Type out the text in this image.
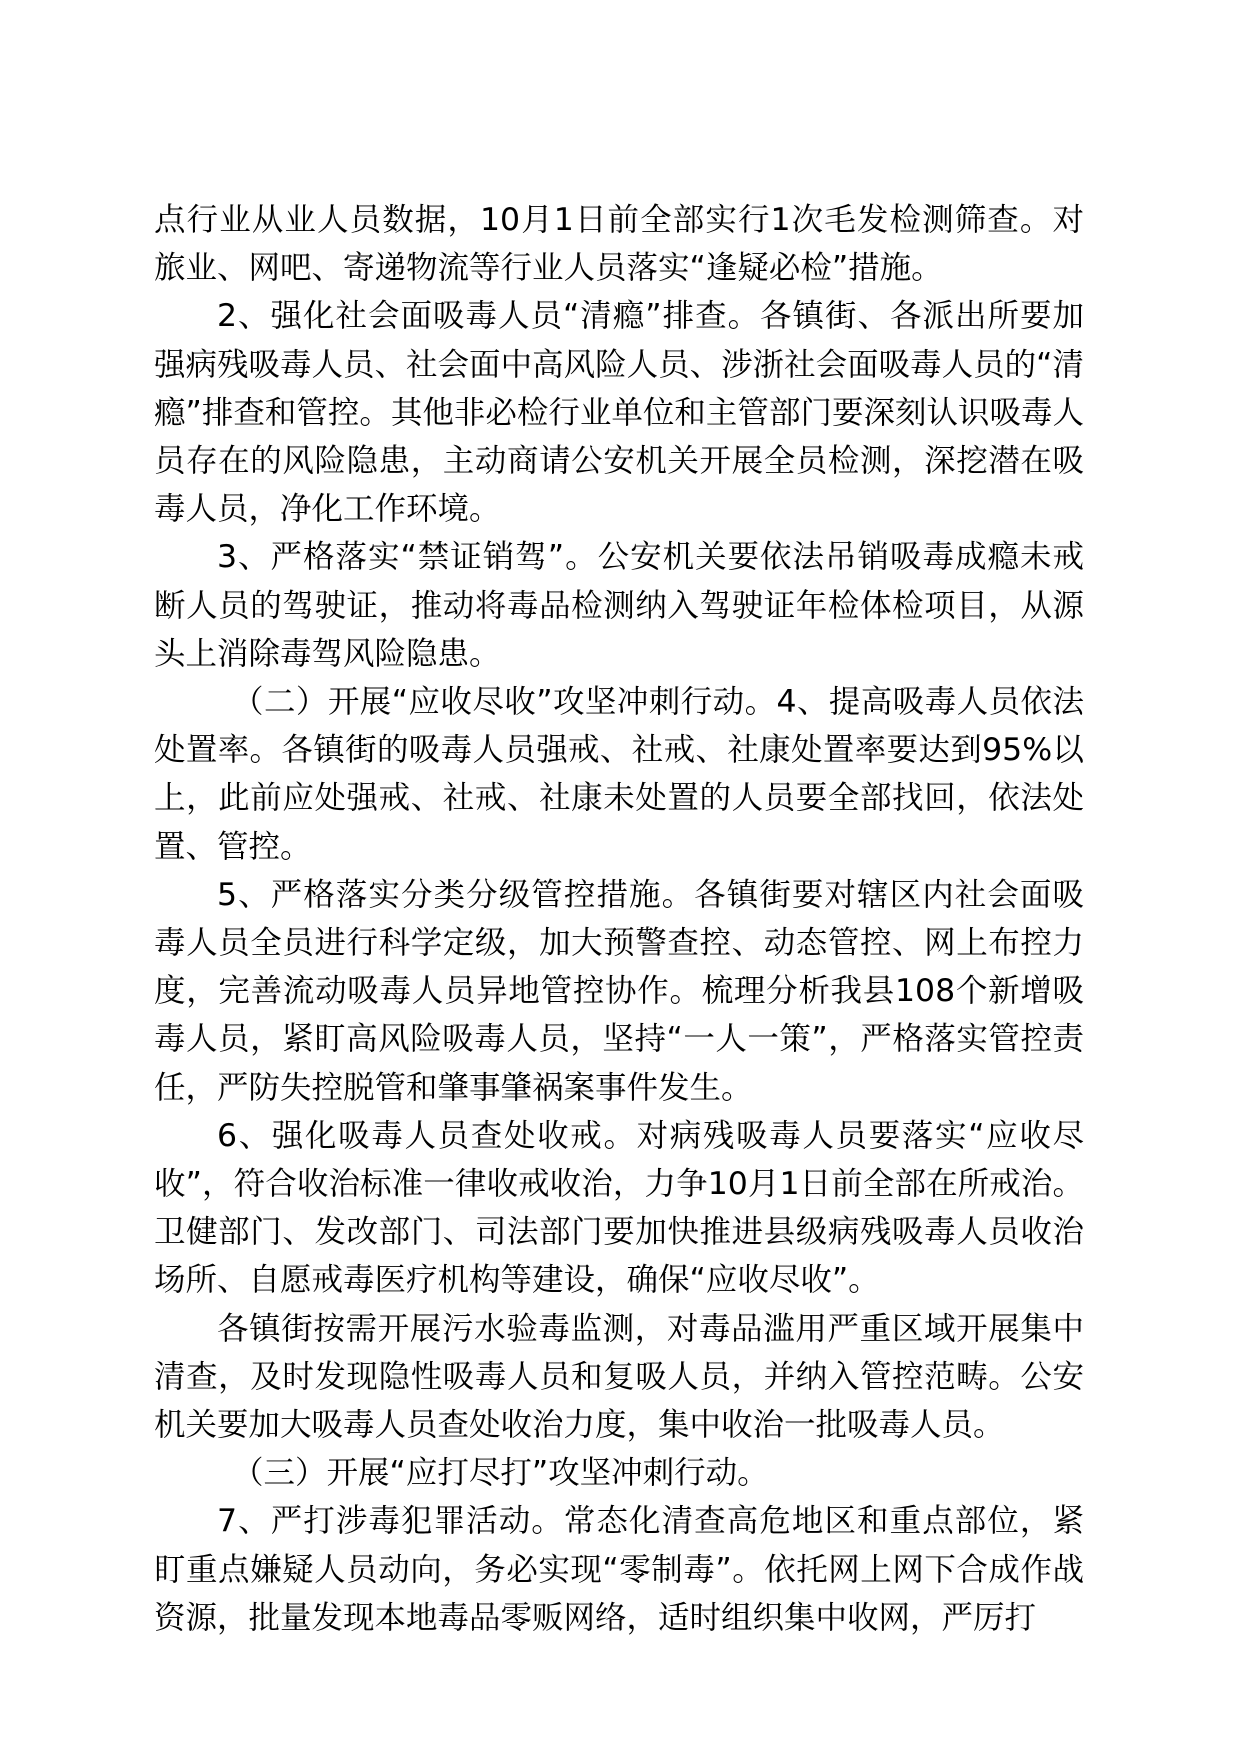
点行业从业人员数据，10月1日前全部实行1次毛发检测筛查。对旅业、网吧、寄递物流等行业人员落实“逢疑必检”措施。

2、强化社会面吸毒人员“清瘾”排查。各镇街、各派出所要加强病残吸毒人员、社会面中高风险人员、涉浙社会面吸毒人员的“清瘾”排查和管控。其他非必检行业单位和主管部门要深刻认识吸毒人员存在的风险隐患，主动商请公安机关开展全员检测，深挖潜在吸毒人员，净化工作环境。

3、严格落实“禁证销驾”。公安机关要依法吊销吸毒成瘾未戒断人员的驾驶证，推动将毒品检测纳入驾驶证年检体检项目，从源头上消除毒驾风险隐患。

（二）开展“应收尽收”攻坚冲刺行动。4、提高吸毒人员依法处置率。各镇街的吸毒人员强戒、社戒、社康处置率要达到95%以上，此前应处强戒、社戒、社康未处置的人员要全部找回，依法处置、管控。

5、严格落实分类分级管控措施。各镇街要对辖区内社会面吸毒人员全员进行科学定级，加大预警查控、动态管控、网上布控力度，完善流动吸毒人员异地管控协作。梳理分析我县108个新增吸毒人员，紧盯高风险吸毒人员，坚持“一人一策”，严格落实管控责任，严防失控脱管和肇事肇祸案事件发生。

6、强化吸毒人员查处收戒。对病残吸毒人员要落实“应收尽收”，符合收治标准一律收戒收治，力争10月1日前全部在所戒治。卫健部门、发改部门、司法部门要加快推进县级病残吸毒人员收治场所、自愿戒毒医疗机构等建设，确保“应收尽收”。

各镇街按需开展污水验毒监测，对毒品滥用严重区域开展集中清查，及时发现隐性吸毒人员和复吸人员，并纳入管控范畴。公安机关要加大吸毒人员查处收治力度，集中收治一批吸毒人员。

（三）开展“应打尽打”攻坚冲刺行动。

7、严打涉毒犯罪活动。常态化清查高危地区和重点部位，紧盯重点嫌疑人员动向，务必实现“零制毒”。依托网上网下合成作战资源，批量发现本地毒品零贩网络，适时组织集中收网，严厉打
